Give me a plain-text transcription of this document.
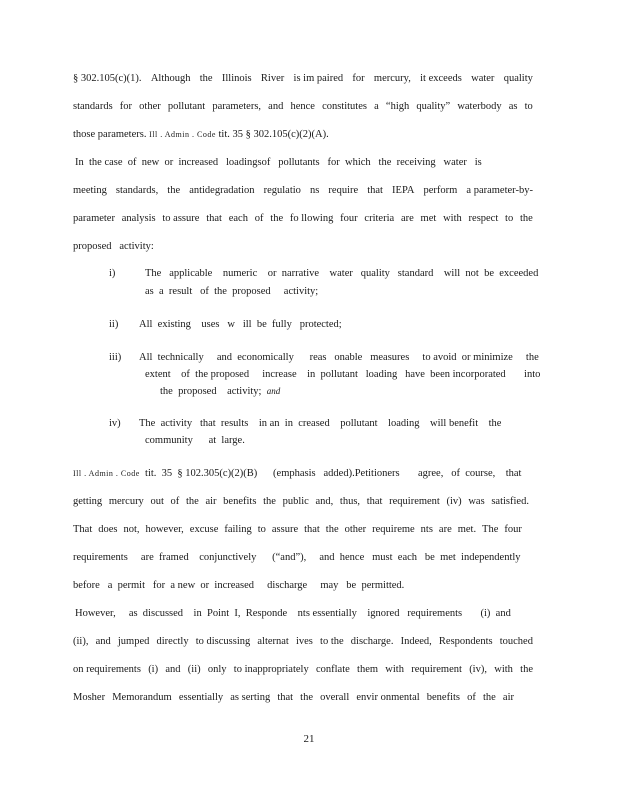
§ 302.105(c)(1). Although the Illinois River is im paired for mercury, it exceeds water quality
standards for other pollutant parameters, and hence constitutes a “high quality” waterbody as to
those parameters. Ill . Admin . Code tit. 35 § 302.105(c)(2)(A).
In  the case  of  new  or  increased   loadingsof   pollutants   for  which   the  receiving   water   is
meeting standards, the antidegradation regulatio ns require that IEPA perform a parameter-by-
parameter analysis to assure that each of the fo llowing four criteria are met with respect to the
proposed   activity:
i)	The   applicable    numeric    or  narrative    water   quality   standard    will  not  be  exceeded
as  a  result   of  the  proposed     activity;
ii) All  existing    uses   w   ill  be  fully   protected;
iii) All  technically     and  economically      reas   onable   measures     to avoid  or minimize     the
extent    of  the proposed     increase    in  pollutant   loading   have  been incorporated       into
the  proposed    activity; and
iv) The  activity   that  results    in an  in  creased    pollutant    loading    will benefit    the
community      at  large.
Ill . Admin . Code  tit.  35  § 102.305(c)(2)(B)      (emphasis   added).Petitioners       agree,   of  course,    that
getting mercury out of the air benefits the public and, thus, that requirement (iv) was satisfied.
That does not, however, excuse failing to assure that the other requireme nts are met. The four
requirements     are  framed    conjunctively      (“and”),     and  hence   must  each   be  met  independently
before   a  permit   for  a new  or  increased     discharge     may   be  permitted.
However,     as  discussed    in  Point  I,  Responde    nts essentially    ignored   requirements       (i)  and
(ii), and jumped directly to discussing alternat ives to the discharge. Indeed, Respondents touched
on requirements (i) and (ii) only to inappropriately conflate them with requirement (iv), with the
Mosher Memorandum essentially as serting that the overall envir onmental benefits of the air
21
